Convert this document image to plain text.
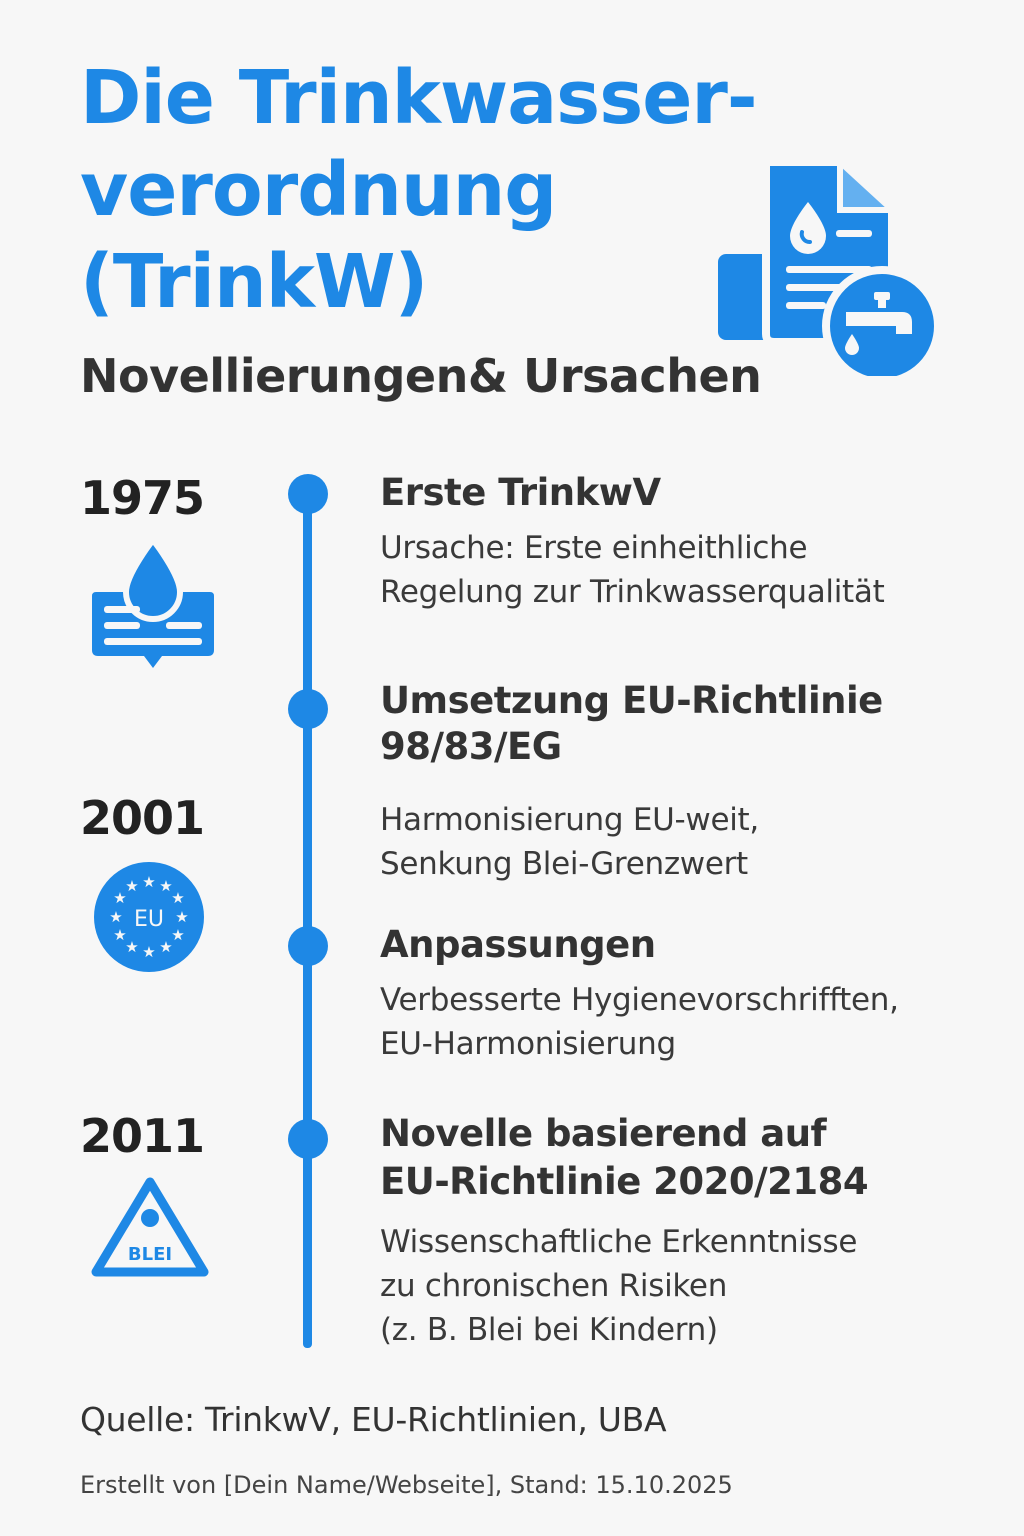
Die Trinkwasser-
verordnung
(TrinkW)
Novellierungen& Ursachen
1975
2001
★ ★
★
★
★
★
★
★
★
★
★
★
EU
2011
BLEI
Erste TrinkwV
Ursache: Erste einheithliche
Regelung zur Trinkwasserqualität
Umsetzung EU-Richtlinie
98/83/EG
Harmonisierung EU-weit,
Senkung Blei-Grenzwert
Anpassungen
Verbesserte Hygienevorschrifften,
EU-Harmonisierung
Novelle basierend auf
EU-Richtlinie 2020/2184
Wissenschaftliche Erkenntnisse
zu chronischen Risiken
(z. B. Blei bei Kindern)
Quelle: TrinkwV, EU-Richtlinien, UBA
Erstellt von [Dein Name/Webseite], Stand: 15.10.2025
